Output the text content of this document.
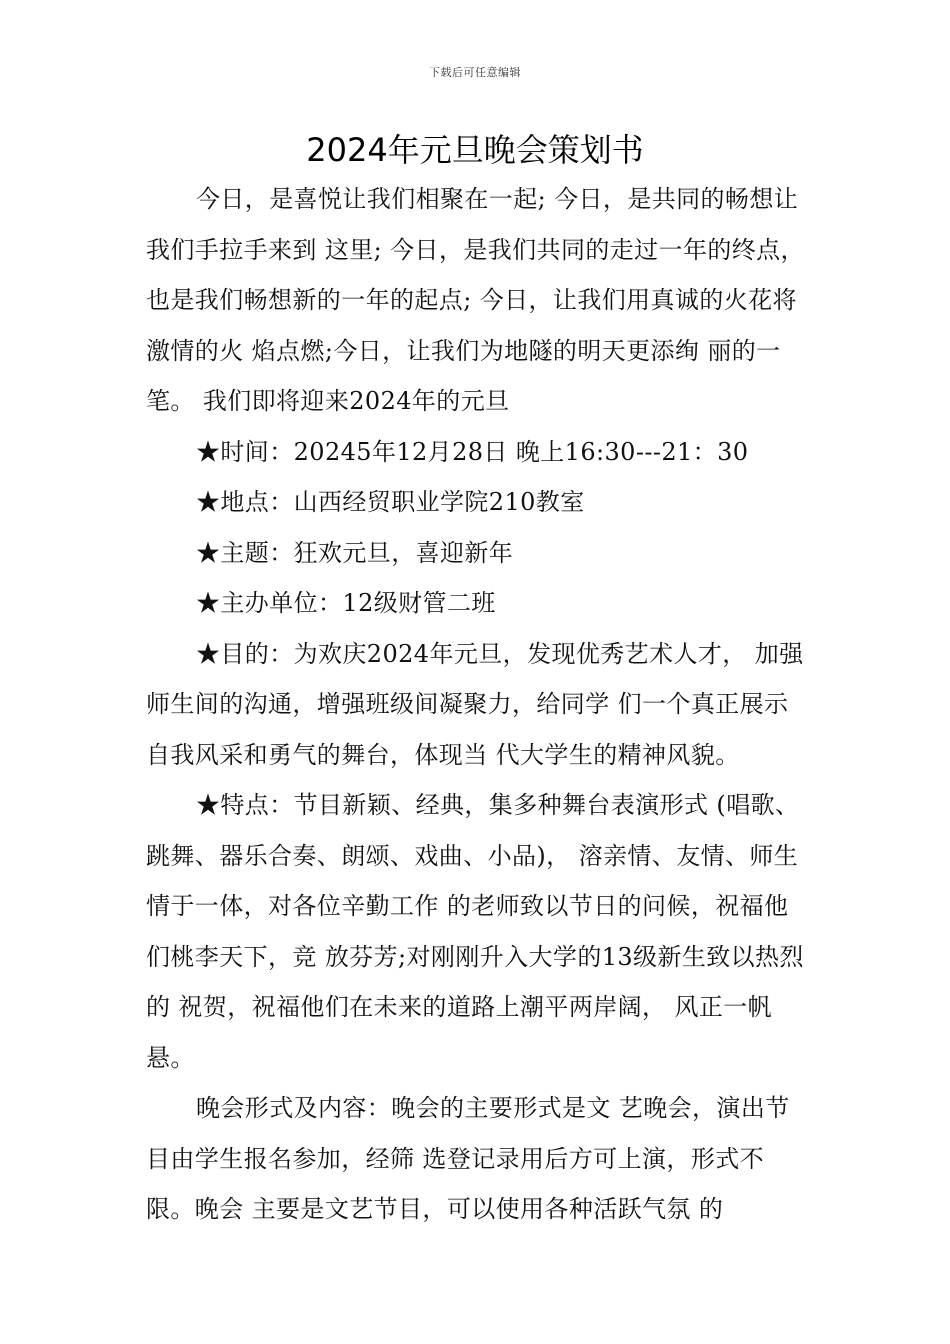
下载后可任意编辑
2024年元旦晚会策划书

今日，是喜悦让我们相聚在一起; 今日，是共同的畅想让我们手拉手来到 这里; 今日，是我们共同的走过一年的终点， 也是我们畅想新的一年的起点; 今日，让我们用真诚的火花将激情的火 焰点燃;今日，让我们为地隧的明天更添绚 丽的一笔。 我们即将迎来2024年的元旦

★时间：20245年12月28日 晚上16:30---21：30

★地点：山西经贸职业学院210教室

★主题：狂欢元旦，喜迎新年

★主办单位：12级财管二班

★目的：为欢庆2024年元旦，发现优秀艺术人才， 加强师生间的沟通，增强班级间凝聚力，给同学 们一个真正展示自我风采和勇气的舞台，体现当 代大学生的精神风貌。

★特点：节目新颖、经典，集多种舞台表演形式 (唱歌、跳舞、器乐合奏、朗颂、戏曲、小品)， 溶亲情、友情、师生情于一体，对各位辛勤工作 的老师致以节日的问候，祝福他们桃李天下，竞 放芬芳;对刚刚升入大学的13级新生致以热烈的 祝贺，祝福他们在未来的道路上潮平两岸阔， 风正一帆悬。

晚会形式及内容：晚会的主要形式是文 艺晚会，演出节目由学生报名参加，经筛 选登记录用后方可上演，形式不限。晚会 主要是文艺节目，可以使用各种活跃气氛 的
